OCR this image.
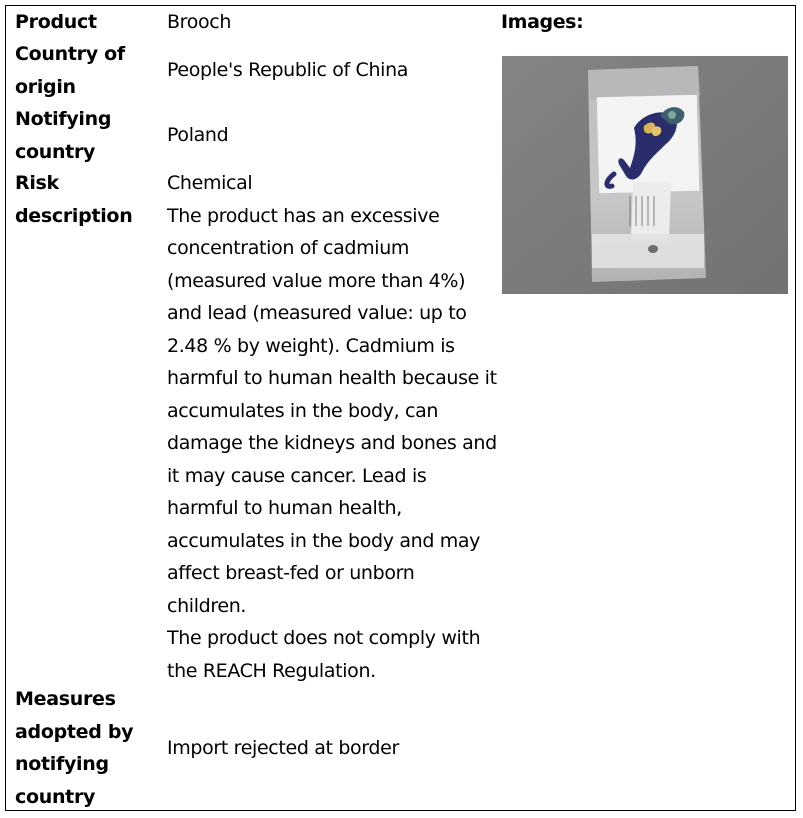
Product	Brooch
Country of origin
People's Republic of China
Notifying country
Poland
Risk description
Chemical
The product has an excessive concentration of cadmium (measured value more than 4%) and lead (measured value: up to 2.48 % by weight). Cadmium is harmful to human health because it accumulates in the body, can damage the kidneys and bones and it may cause cancer. Lead is harmful to human health, accumulates in the body and may affect breast-fed or unborn children.
The product does not comply with the REACH Regulation.
Measures adopted by notifying country
Import rejected at border
Images:
